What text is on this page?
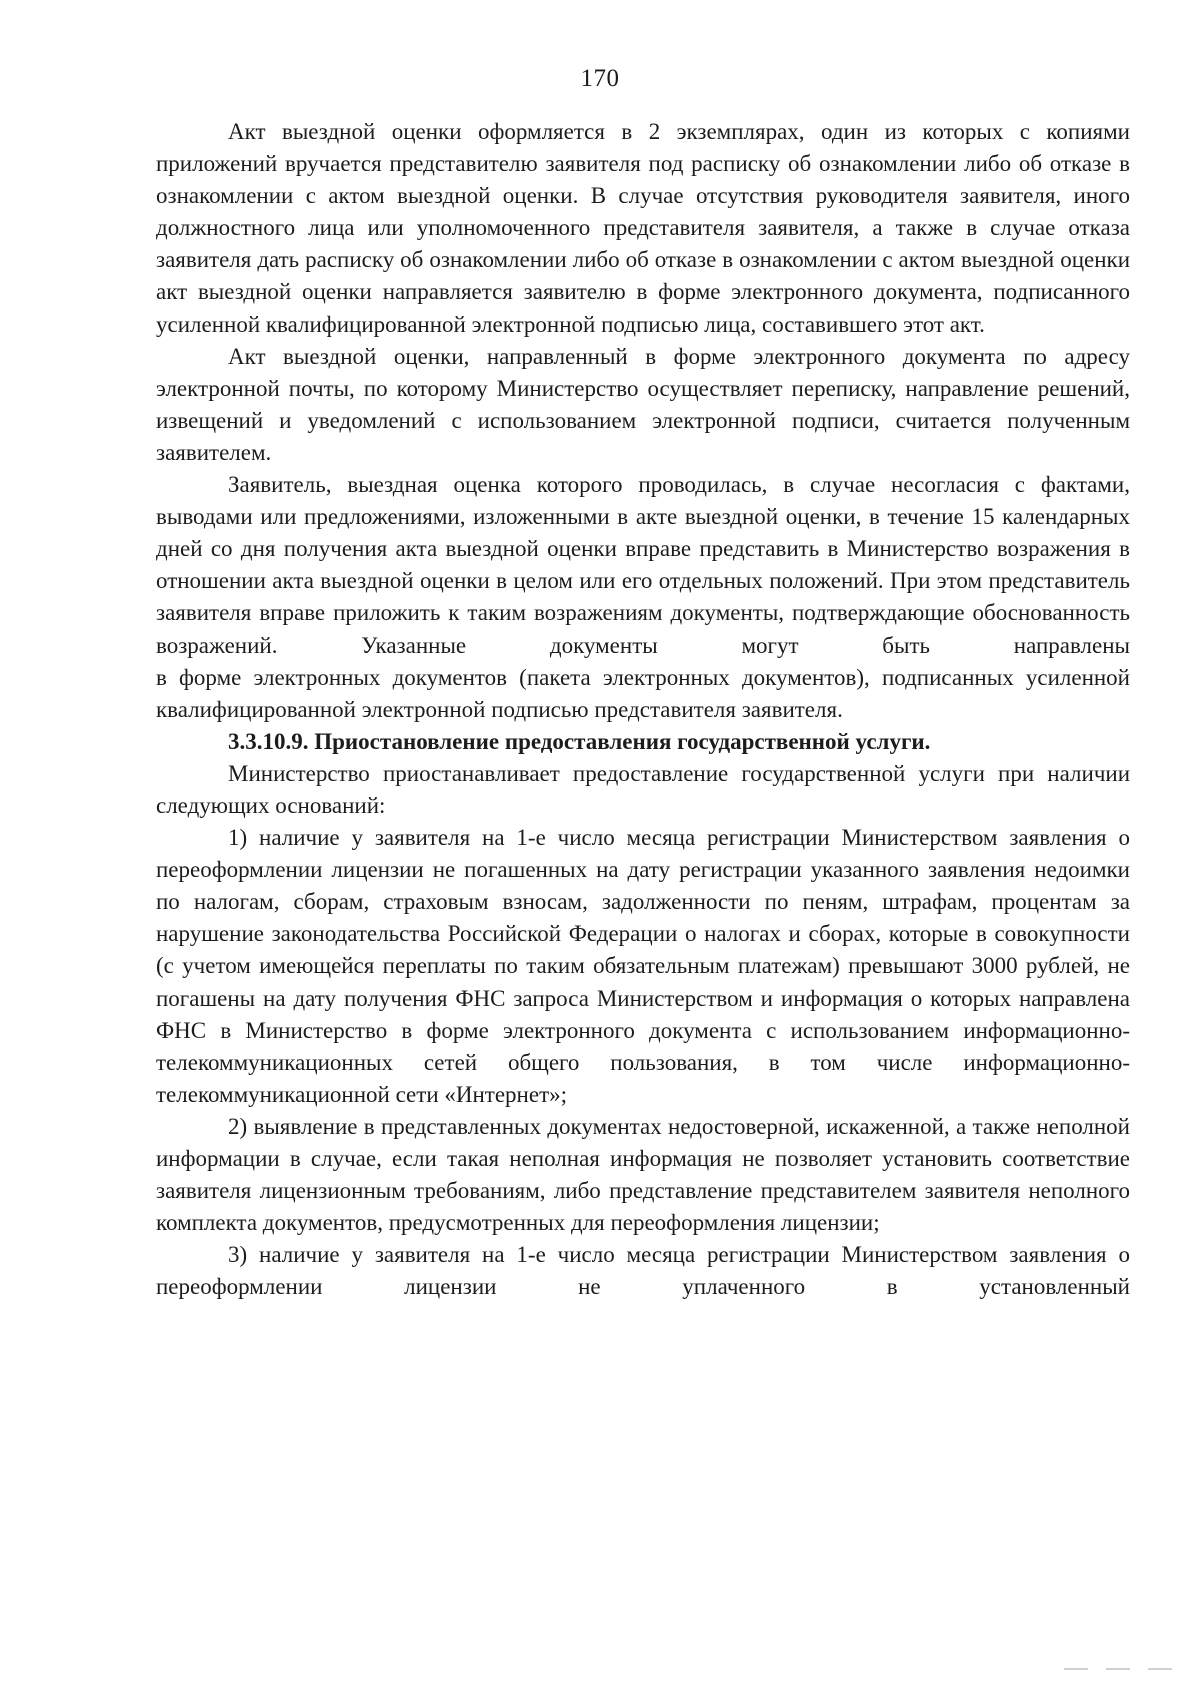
170

Акт выездной оценки оформляется в 2 экземплярах, один из которых с копиями приложений вручается представителю заявителя под расписку об ознакомлении либо об отказе в ознакомлении с актом выездной оценки. В случае отсутствия руководителя заявителя, иного должностного лица или уполномоченного представителя заявителя, а также в случае отказа заявителя дать расписку об ознакомлении либо об отказе в ознакомлении с актом выездной оценки акт выездной оценки направляется заявителю в форме электронного документа, подписанного усиленной квалифицированной электронной подписью лица, составившего этот акт.

Акт выездной оценки, направленный в форме электронного документа по адресу электронной почты, по которому Министерство осуществляет переписку, направление решений, извещений и уведомлений с использованием электронной подписи, считается полученным заявителем.

Заявитель, выездная оценка которого проводилась, в случае несогласия с фактами, выводами или предложениями, изложенными в акте выездной оценки, в течение 15 календарных дней со дня получения акта выездной оценки вправе представить в Министерство возражения в отношении акта выездной оценки в целом или его отдельных положений. При этом представитель заявителя вправе приложить к таким возражениям документы, подтверждающие обоснованность возражений. Указанные документы могут быть направлены

в форме электронных документов (пакета электронных документов), подписанных усиленной квалифицированной электронной подписью представителя заявителя.

3.3.10.9. Приостановление предоставления государственной услуги.

Министерство приостанавливает предоставление государственной услуги при наличии следующих оснований:

1) наличие у заявителя на 1-е число месяца регистрации Министерством заявления о переоформлении лицензии не погашенных на дату регистрации указанного заявления недоимки по налогам, сборам, страховым взносам, задолженности по пеням, штрафам, процентам за нарушение законодательства Российской Федерации о налогах и сборах, которые в совокупности (с учетом имеющейся переплаты по таким обязательным платежам) превышают 3000 рублей, не погашены на дату получения ФНС запроса Министерством и информация о которых направлена ФНС в Министерство в форме электронного документа с использованием информационно-телекоммуникационных сетей общего пользования, в том числе информационно-телекоммуникационной сети «Интернет»;

2) выявление в представленных документах недостоверной, искаженной, а также неполной информации в случае, если такая неполная информация не позволяет установить соответствие заявителя лицензионным требованиям, либо представление представителем заявителя неполного комплекта документов, предусмотренных для переоформления лицензии;

3) наличие у заявителя на 1-е число месяца регистрации Министерством заявления о переоформлении лицензии не уплаченного в установленный
